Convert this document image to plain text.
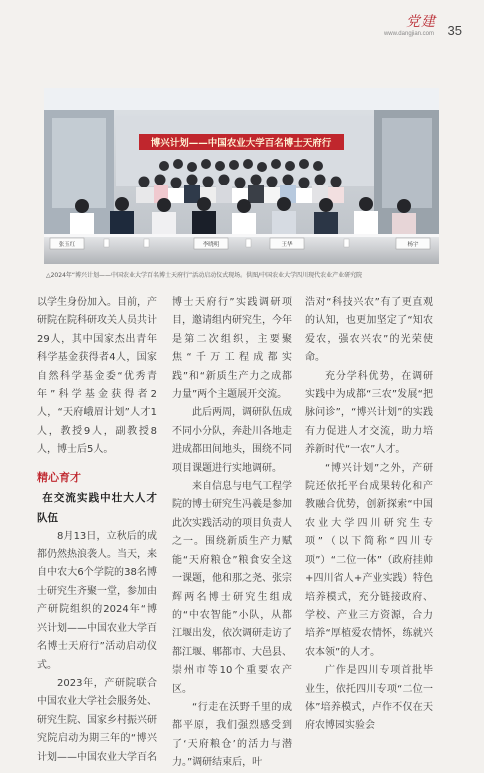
党建
www.dangjian.com 35
博兴计划——中国农业大学百名博士天府行
张玉红	李晓明	王华	杨宇
△2024年“博兴计划——中国农业大学百名博士天府行”活动启动仪式现场。供图/中国农业大学四川现代农业产业研究院

以学生身份加入。目前，产研院在院科研攻关人员共计29人，其中国家杰出青年科学基金获得者4人，国家自然科学基金委“优秀青年”科学基金获得者2人，“天府峨眉计划”人才1人，教授9人，副教授8人，博士后5人。

精心育才
在交流实践中壮大人才队伍

8月13日，立秋后的成都仍然热浪袭人。当天，来自中农大6个学院的38名博士研究生齐聚一堂，参加由产研院组织的2024年“博兴计划——中国农业大学百名博士天府行”活动启动仪式。

2023年，产研院联合中国农业大学社会服务处、研究生院、国家乡村振兴研究院启动为期三年的“博兴计划——中国农业大学百名

博士天府行”实践调研项目，邀请组内研究生，今年是第二次组织，主要聚焦“千万工程成都实践”和“新质生产力之成都力量”两个主题展开交流。

此后两周，调研队伍成不同小分队，奔赴川各地走进成都田间地头，围绕不同项目课题进行实地调研。

来自信息与电气工程学院的博士研究生冯羲是参加此次实践活动的项目负责人之一。围绕新质生产力赋能“天府粮仓”粮食安全这一课题，他和那之尧、张宗辉两名博士研究生组成的“中农智能”小队，从都江堰出发，依次调研走访了都江堰、郫都市、大邑县、崇州市等10个重要农产区。

“行走在沃野千里的成都平原，我们强烈感受到了‘天府粮仓’的活力与潜力。”调研结束后，叶

浩对“科技兴农”有了更直观的认知，也更加坚定了“知农爱农，强农兴农”的光荣使命。

充分学科优势，在调研实践中为成都“三农”发展“把脉问诊”，“博兴计划”的实践有力促进人才交流，助力培养新时代“一农”人才。

“博兴计划”之外，产研院还依托平台成果转化和产教融合优势，创新探索“中国农业大学四川研究生专项”（以下简称“四川专项”）“二位一体”（政府挂帅+四川省人+产业实践）特色培养模式，充分链接政府、学校、产业三方资源，合力培养“厚植爱农情怀，练就兴农本领”的人才。

广作是四川专项首批毕业生，依托四川专项“二位一体”培养模式，卢作不仅在天府农博园实验会
